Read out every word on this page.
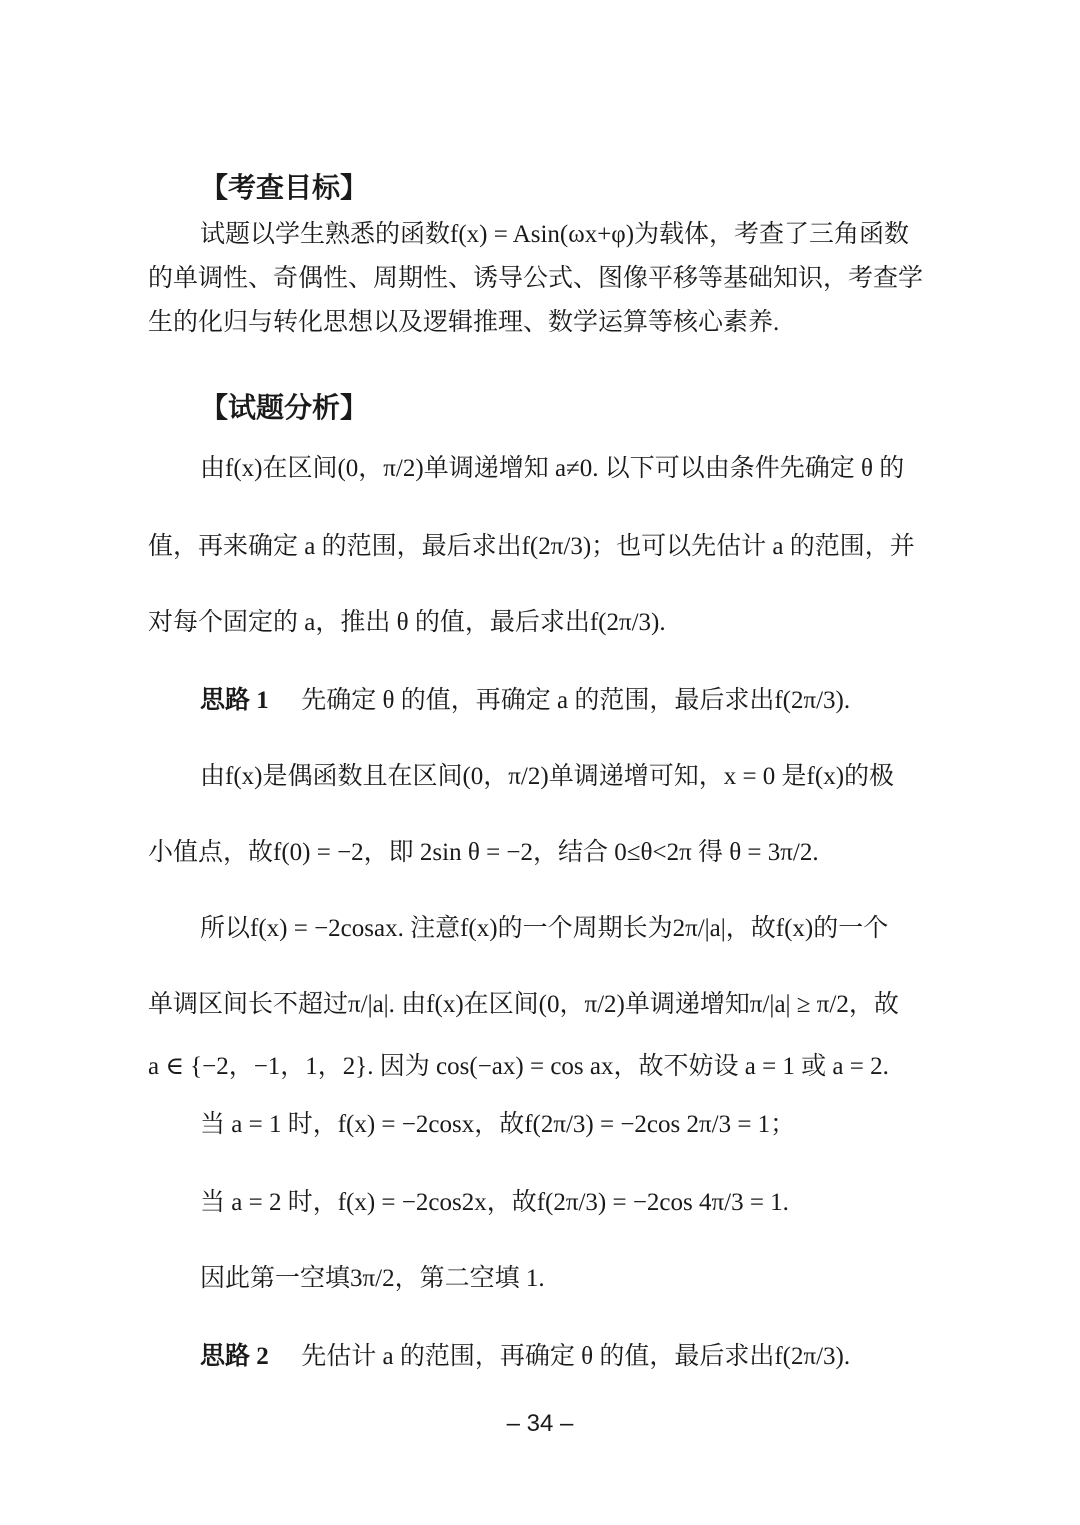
【考查目标】
试题以学生熟悉的函数f(x) = Asin(ωx+φ)为载体，考查了三角函数
的单调性、奇偶性、周期性、诱导公式、图像平移等基础知识，考查学
生的化归与转化思想以及逻辑推理、数学运算等核心素养.
【试题分析】
由f(x)在区间(0，π/2)单调递增知 a≠0. 以下可以由条件先确定 θ 的
值，再来确定 a 的范围，最后求出f(2π/3)；也可以先估计 a 的范围，并
对每个固定的 a，推出 θ 的值，最后求出f(2π/3).
思路 1 先确定 θ 的值，再确定 a 的范围，最后求出f(2π/3).
由f(x)是偶函数且在区间(0，π/2)单调递增可知，x = 0 是f(x)的极
小值点，故f(0) = −2，即 2sin θ = −2，结合 0≤θ<2π 得 θ = 3π/2.
所以f(x) = −2cosax. 注意f(x)的一个周期长为2π/|a|，故f(x)的一个
单调区间长不超过π/|a|. 由f(x)在区间(0，π/2)单调递增知π/|a| ≥ π/2，故
a ∈ {−2，−1，1，2}. 因为 cos(−ax) = cos ax，故不妨设 a = 1 或 a = 2.
当 a = 1 时，f(x) = −2cosx，故f(2π/3) = −2cos 2π/3 = 1；
当 a = 2 时，f(x) = −2cos2x，故f(2π/3) = −2cos 4π/3 = 1.
因此第一空填3π/2，第二空填 1.
思路 2 先估计 a 的范围，再确定 θ 的值，最后求出f(2π/3).
– 34 –
